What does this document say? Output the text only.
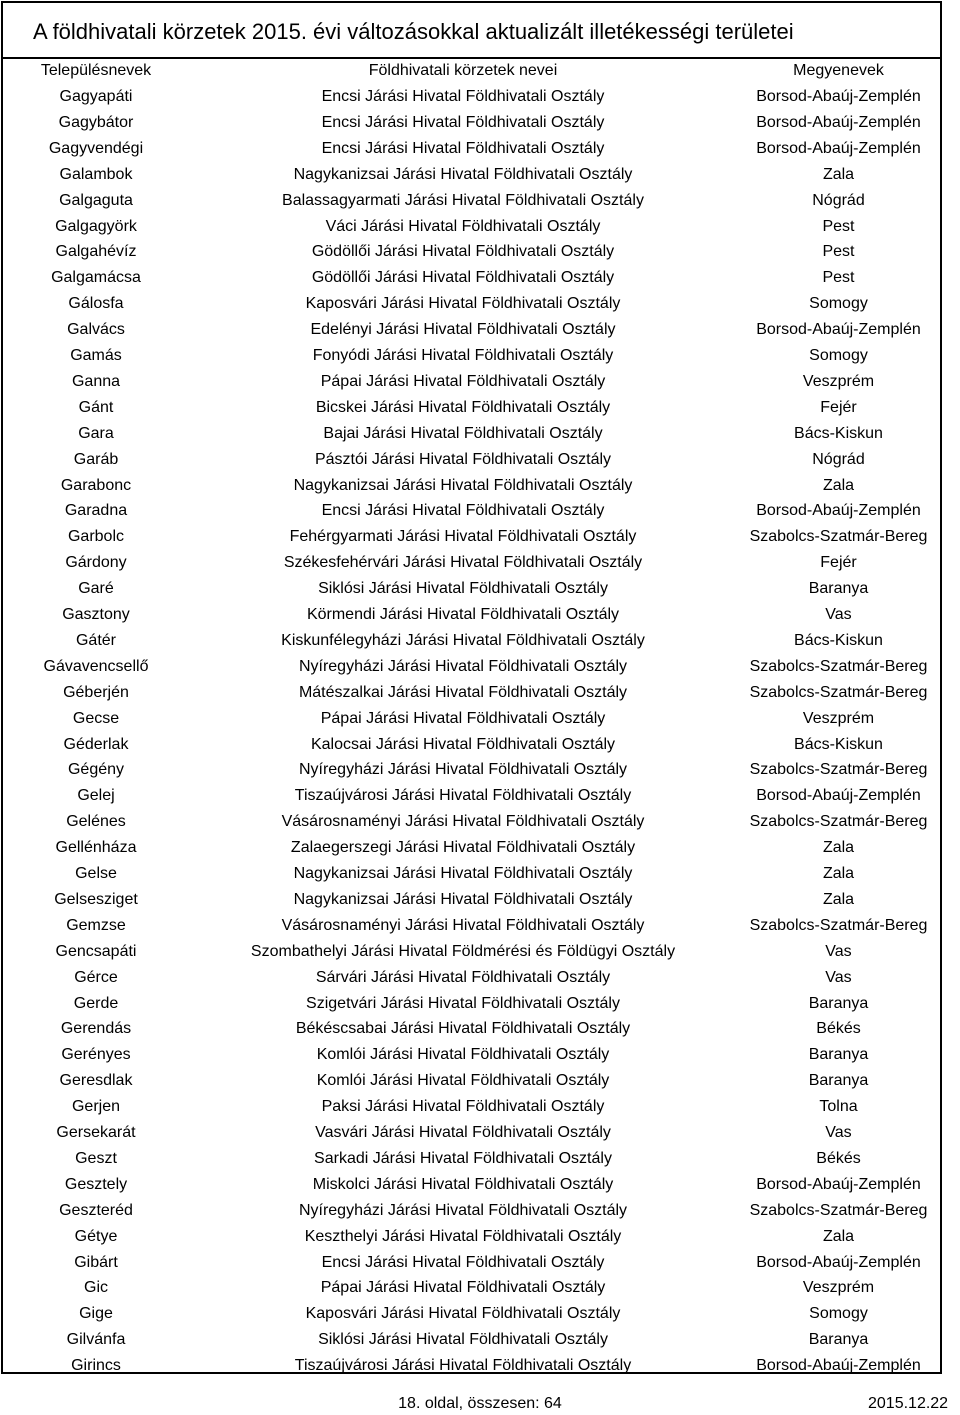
A földhivatali körzetek 2015. évi változásokkal aktualizált illetékességi területei
Településnevek	Földhivatali körzetek nevei	Megyenevek
Gagyapáti	Encsi Járási Hivatal Földhivatali Osztály	Borsod-Abaúj-Zemplén
Gagybátor	Encsi Járási Hivatal Földhivatali Osztály	Borsod-Abaúj-Zemplén
Gagyvendégi	Encsi Járási Hivatal Földhivatali Osztály	Borsod-Abaúj-Zemplén
Galambok	Nagykanizsai Járási Hivatal Földhivatali Osztály	Zala
Galgaguta	Balassagyarmati Járási Hivatal Földhivatali Osztály	Nógrád
Galgagyörk	Váci Járási Hivatal Földhivatali Osztály	Pest
Galgahévíz	Gödöllői Járási Hivatal Földhivatali Osztály	Pest
Galgamácsa	Gödöllői Járási Hivatal Földhivatali Osztály	Pest
Gálosfa	Kaposvári Járási Hivatal Földhivatali Osztály	Somogy
Galvács	Edelényi Járási Hivatal Földhivatali Osztály	Borsod-Abaúj-Zemplén
Gamás	Fonyódi Járási Hivatal Földhivatali Osztály	Somogy
Ganna	Pápai Járási Hivatal Földhivatali Osztály	Veszprém
Gánt	Bicskei Járási Hivatal Földhivatali Osztály	Fejér
Gara	Bajai Járási Hivatal Földhivatali Osztály	Bács-Kiskun
Garáb	Pásztói Járási Hivatal Földhivatali Osztály	Nógrád
Garabonc	Nagykanizsai Járási Hivatal Földhivatali Osztály	Zala
Garadna	Encsi Járási Hivatal Földhivatali Osztály	Borsod-Abaúj-Zemplén
Garbolc	Fehérgyarmati Járási Hivatal Földhivatali Osztály	Szabolcs-Szatmár-Bereg
Gárdony	Székesfehérvári Járási Hivatal Földhivatali Osztály	Fejér
Garé	Siklósi Járási Hivatal Földhivatali Osztály	Baranya
Gasztony	Körmendi Járási Hivatal Földhivatali Osztály	Vas
Gátér	Kiskunfélegyházi Járási Hivatal Földhivatali Osztály	Bács-Kiskun
Gávavencsellő	Nyíregyházi Járási Hivatal Földhivatali Osztály	Szabolcs-Szatmár-Bereg
Géberjén	Mátészalkai Járási Hivatal Földhivatali Osztály	Szabolcs-Szatmár-Bereg
Gecse	Pápai Járási Hivatal Földhivatali Osztály	Veszprém
Géderlak	Kalocsai Járási Hivatal Földhivatali Osztály	Bács-Kiskun
Gégény	Nyíregyházi Járási Hivatal Földhivatali Osztály	Szabolcs-Szatmár-Bereg
Gelej	Tiszaújvárosi Járási Hivatal Földhivatali Osztály	Borsod-Abaúj-Zemplén
Gelénes	Vásárosnaményi Járási Hivatal Földhivatali Osztály	Szabolcs-Szatmár-Bereg
Gellénháza	Zalaegerszegi Járási Hivatal Földhivatali Osztály	Zala
Gelse	Nagykanizsai Járási Hivatal Földhivatali Osztály	Zala
Gelsesziget	Nagykanizsai Járási Hivatal Földhivatali Osztály	Zala
Gemzse	Vásárosnaményi Járási Hivatal Földhivatali Osztály	Szabolcs-Szatmár-Bereg
Gencsapáti	Szombathelyi Járási Hivatal Földmérési és Földügyi Osztály	Vas
Gérce	Sárvári Járási Hivatal Földhivatali Osztály	Vas
Gerde	Szigetvári Járási Hivatal Földhivatali Osztály	Baranya
Gerendás	Békéscsabai Járási Hivatal Földhivatali Osztály	Békés
Gerényes	Komlói Járási Hivatal Földhivatali Osztály	Baranya
Geresdlak	Komlói Járási Hivatal Földhivatali Osztály	Baranya
Gerjen	Paksi Járási Hivatal Földhivatali Osztály	Tolna
Gersekarát	Vasvári Járási Hivatal Földhivatali Osztály	Vas
Geszt	Sarkadi Járási Hivatal Földhivatali Osztály	Békés
Gesztely	Miskolci Járási Hivatal Földhivatali Osztály	Borsod-Abaúj-Zemplén
Geszteréd	Nyíregyházi Járási Hivatal Földhivatali Osztály	Szabolcs-Szatmár-Bereg
Gétye	Keszthelyi Járási Hivatal Földhivatali Osztály	Zala
Gibárt	Encsi Járási Hivatal Földhivatali Osztály	Borsod-Abaúj-Zemplén
Gic	Pápai Járási Hivatal Földhivatali Osztály	Veszprém
Gige	Kaposvári Járási Hivatal Földhivatali Osztály	Somogy
Gilvánfa	Siklósi Járási Hivatal Földhivatali Osztály	Baranya
Girincs	Tiszaújvárosi Járási Hivatal Földhivatali Osztály	Borsod-Abaúj-Zemplén
18. oldal, összesen: 64	2015.12.22
